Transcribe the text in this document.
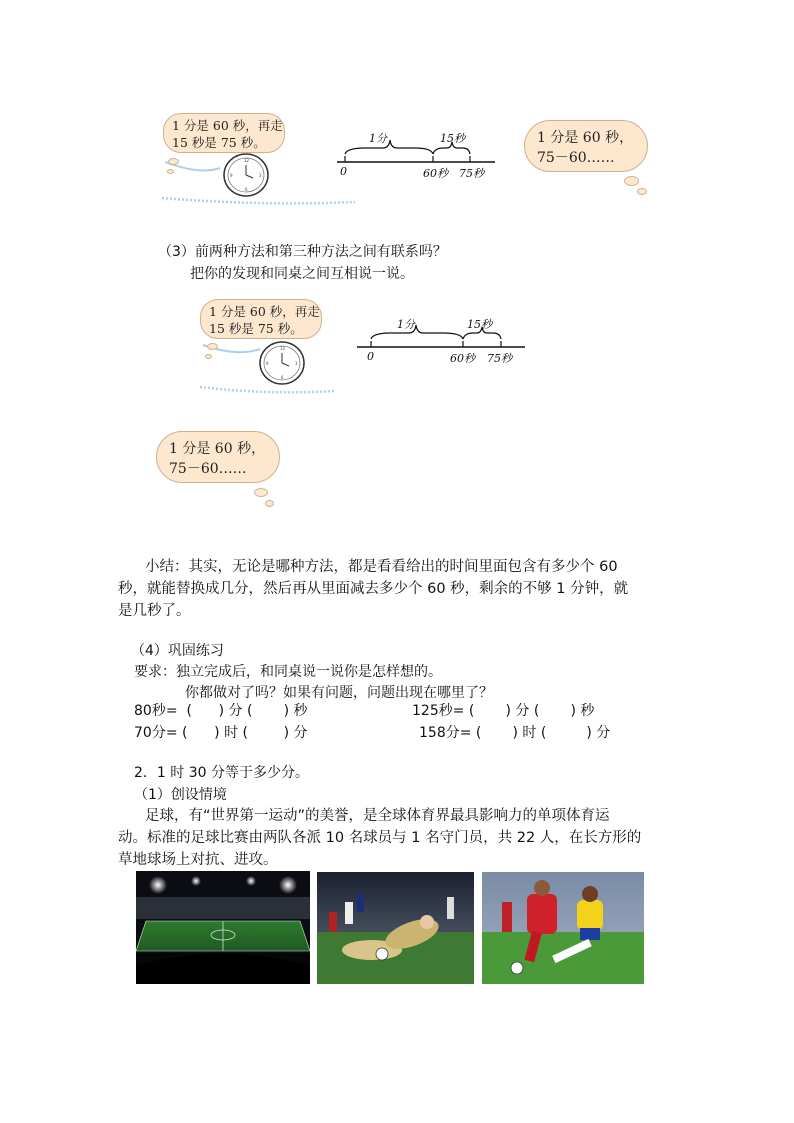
1 分是 60 秒，再走
15 秒是 75 秒。
12
3
6
9
1分	15秒
0	60秒 75秒
1 分是 60 秒，
75－60……
（3）前两种方法和第三种方法之间有联系吗？
把你的发现和同桌之间互相说一说。
1 分是 60 秒，再走
15 秒是 75 秒。
12
3
6
9
1分	15秒
0	60秒 75秒
1 分是 60 秒，
75－60……
小结：其实，无论是哪种方法，都是看看给出的时间里面包含有多少个 60
秒，就能替换成几分，然后再从里面减去多少个 60 秒，剩余的不够 1 分钟，就
是几秒了。
（4）巩固练习
要求：独立完成后，和同桌说一说你是怎样想的。
你都做对了吗？如果有问题，问题出现在哪里了？
80秒=  (      ) 分 (       ) 秒	125秒= (       ) 分 (       ) 秒
70分= (      ) 时 (        ) 分	158分= (       ) 时 (         ) 分
2．1 时 30 分等于多少分。
（1）创设情境
足球，有“世界第一运动”的美誉，是全球体育界最具影响力的单项体育运
动。标准的足球比赛由两队各派 10 名球员与 1 名守门员，共 22 人，在长方形的
草地球场上对抗、进攻。
